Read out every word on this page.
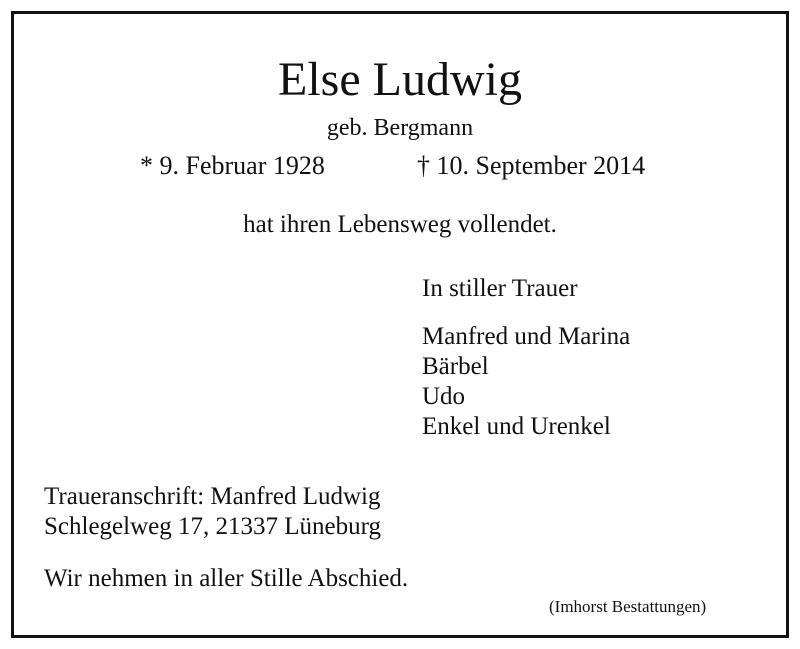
Else Ludwig
geb. Bergmann
* 9. Februar 1928	† 10. September 2014
hat ihren Lebensweg vollendet.
In stiller Trauer
Manfred und Marina
Bärbel
Udo
Enkel und Urenkel
Traueranschrift: Manfred Ludwig
Schlegelweg 17, 21337 Lüneburg
Wir nehmen in aller Stille Abschied.
(Imhorst Bestattungen)
